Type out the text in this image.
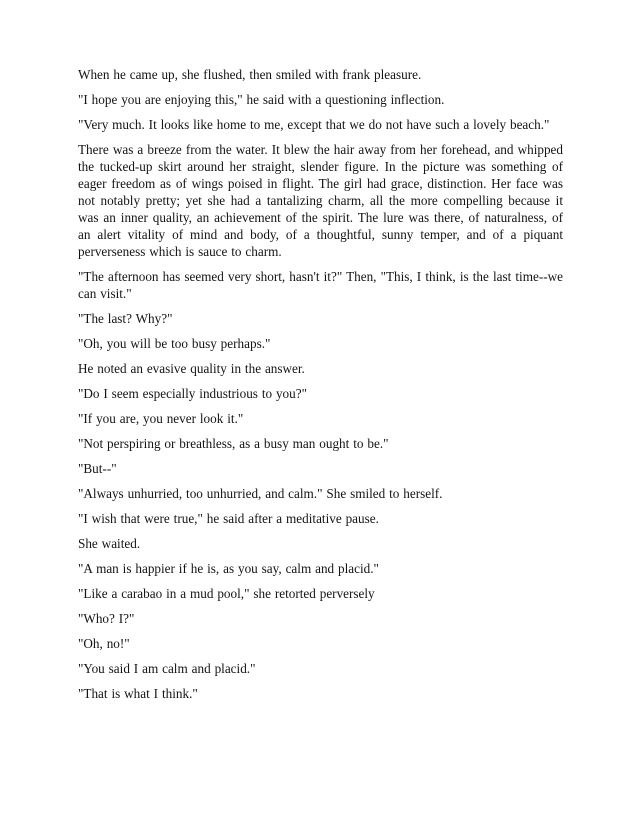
When he came up, she flushed, then smiled with frank pleasure.

"I hope you are enjoying this," he said with a questioning inflection.

"Very much. It looks like home to me, except that we do not have such a lovely beach."

There was a breeze from the water. It blew the hair away from her forehead, and whipped the tucked-up skirt around her straight, slender figure. In the picture was something of eager freedom as of wings poised in flight. The girl had grace, distinction. Her face was not notably pretty; yet she had a tantalizing charm, all the more compelling because it was an inner quality, an achievement of the spirit. The lure was there, of naturalness, of an alert vitality of mind and body, of a thoughtful, sunny temper, and of a piquant perverseness which is sauce to charm.

"The afternoon has seemed very short, hasn't it?" Then, "This, I think, is the last time--we can visit."

"The last? Why?"

"Oh, you will be too busy perhaps."

He noted an evasive quality in the answer.

"Do I seem especially industrious to you?"

"If you are, you never look it."

"Not perspiring or breathless, as a busy man ought to be."

"But--"

"Always unhurried, too unhurried, and calm." She smiled to herself.

"I wish that were true," he said after a meditative pause.

She waited.

"A man is happier if he is, as you say, calm and placid."

"Like a carabao in a mud pool," she retorted perversely

"Who? I?"

"Oh, no!"

"You said I am calm and placid."

"That is what I think."
